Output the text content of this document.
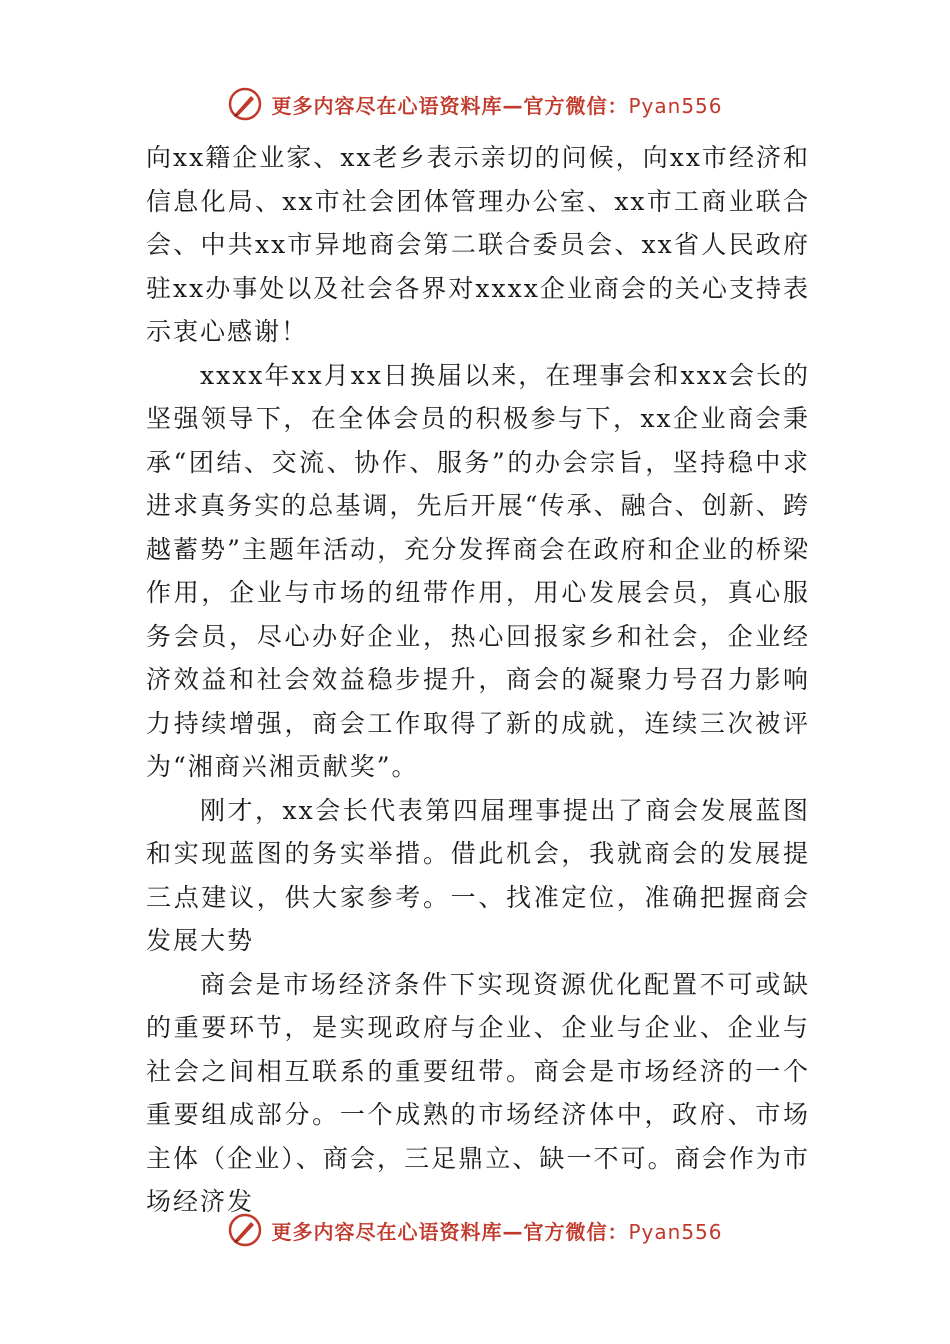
更多内容尽在心语资料库—官方微信：Pyan556

向xx籍企业家、xx老乡表示亲切的问候，向xx市经济和信息化局、xx市社会团体管理办公室、xx市工商业联合会、中共xx市异地商会第二联合委员会、xx省人民政府驻xx办事处以及社会各界对xxxx企业商会的关心支持表示衷心感谢！

xxxx年xx月xx日换届以来，在理事会和xxx会长的坚强领导下，在全体会员的积极参与下，xx企业商会秉承“团结、交流、协作、服务”的办会宗旨，坚持稳中求进求真务实的总基调，先后开展“传承、融合、创新、跨越蓄势”主题年活动，充分发挥商会在政府和企业的桥梁作用，企业与市场的纽带作用，用心发展会员，真心服务会员，尽心办好企业，热心回报家乡和社会，企业经济效益和社会效益稳步提升，商会的凝聚力号召力影响力持续增强，商会工作取得了新的成就，连续三次被评为“湘商兴湘贡献奖”。

刚才，xx会长代表第四届理事提出了商会发展蓝图和实现蓝图的务实举措。借此机会，我就商会的发展提三点建议，供大家参考。一、找准定位，准确把握商会发展大势

商会是市场经济条件下实现资源优化配置不可或缺的重要环节，是实现政府与企业、企业与企业、企业与社会之间相互联系的重要纽带。商会是市场经济的一个重要组成部分。一个成熟的市场经济体中，政府、市场主体（企业）、商会，三足鼎立、缺一不可。商会作为市场经济发

更多内容尽在心语资料库—官方微信：Pyan556
